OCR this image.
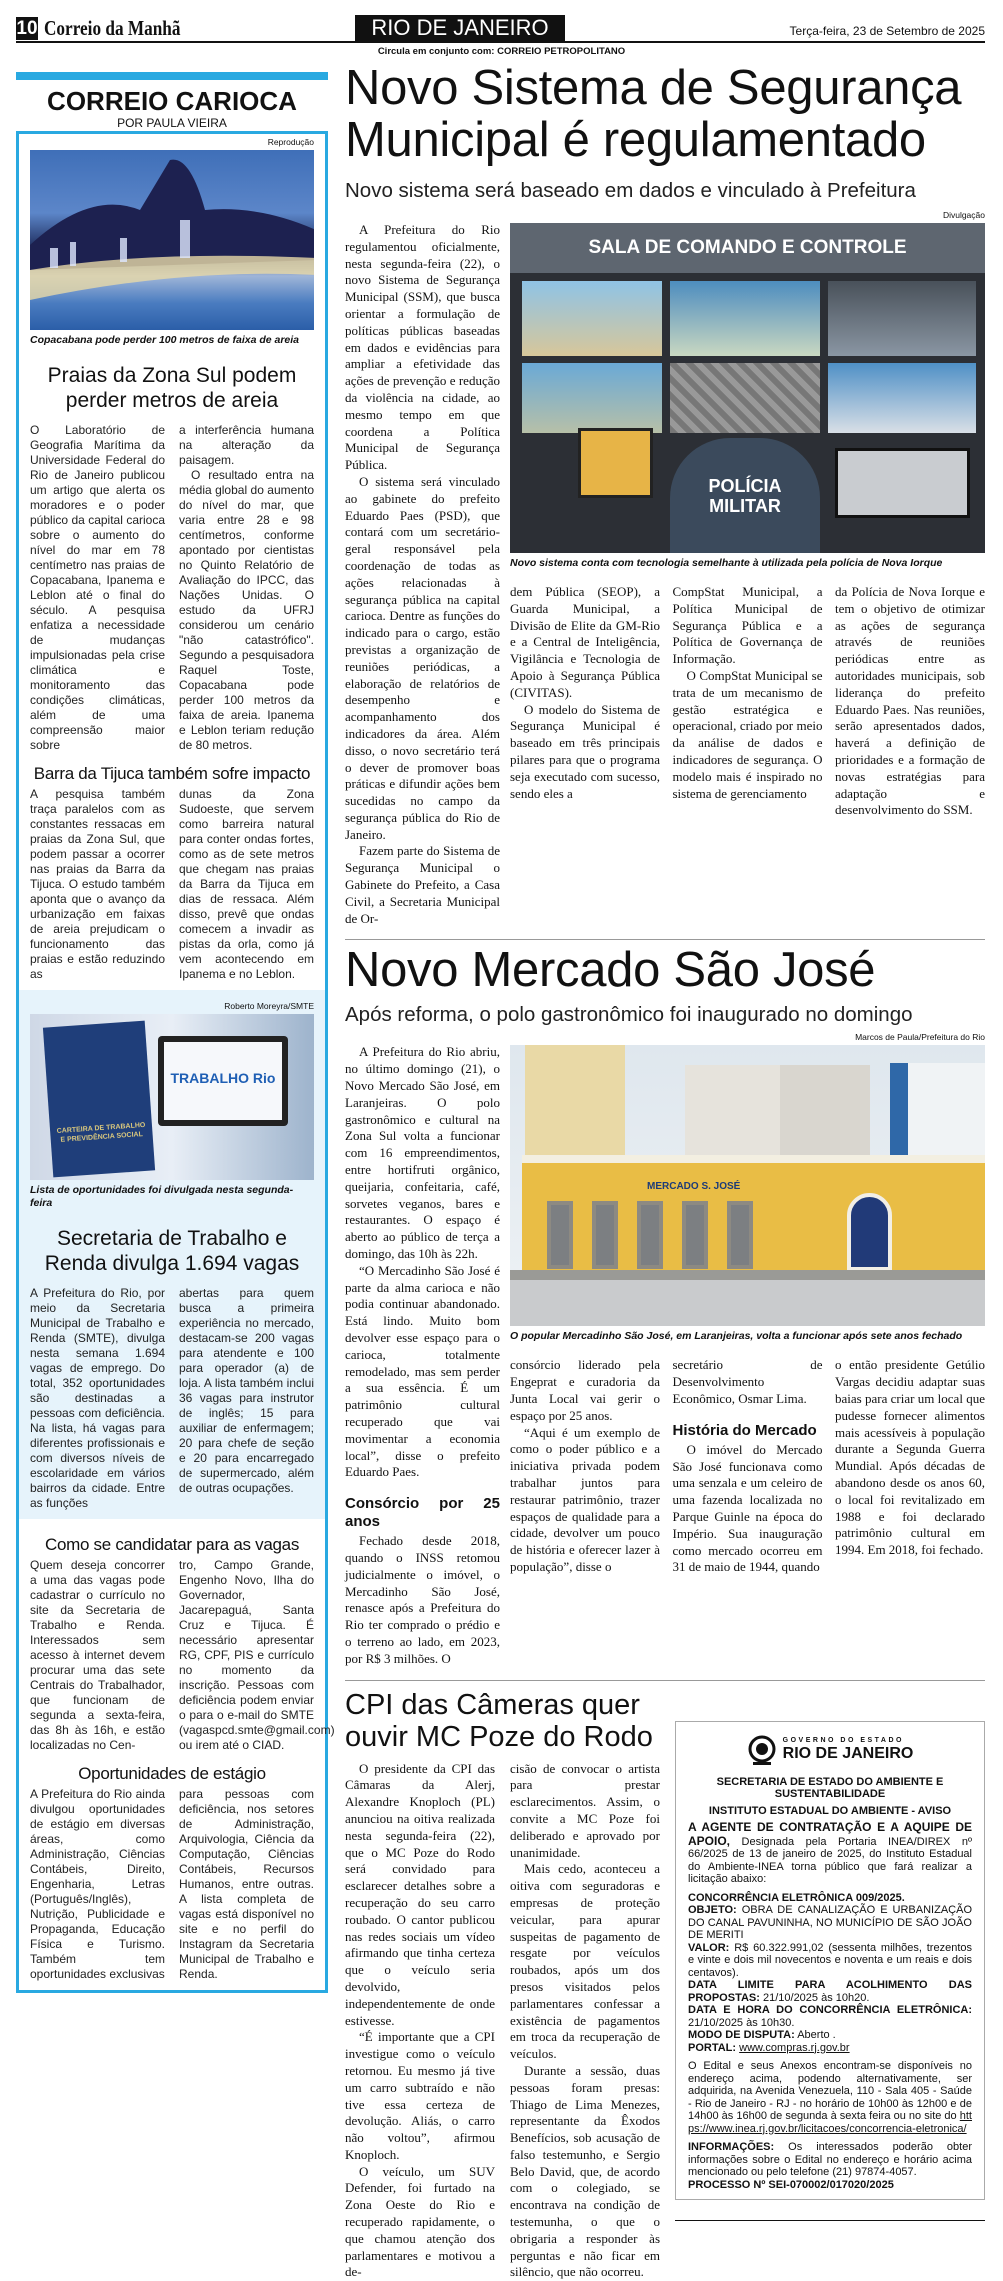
10 Correio da Manhã	RIO DE JANEIRO	Terça-feira, 23 de Setembro de 2025
Circula em conjunto com: CORREIO PETROPOLITANO
CORREIO CARIOCA
POR PAULA VIEIRA
Reprodução
Copacabana pode perder 100 metros de faixa de areia
Praias da Zona Sul podem perder metros de areia

O Laboratório de Geografia Marítima da Universidade Federal do Rio de Janeiro publicou um artigo que alerta os moradores e o poder público da capital carioca sobre o aumento do nível do mar em 78 centímetro nas praias de Copacabana, Ipanema e Leblon até o final do século. A pesquisa enfatiza a necessidade de mudanças impulsionadas pela crise climática e monitoramento das condições climáticas, além de uma compreensão maior sobre

a interferência humana na alteração da paisagem.

O resultado entra na média global do aumento do nível do mar, que varia entre 28 e 98 centímetros, conforme apontado por cientistas no Quinto Relatório de Avaliação do IPCC, das Nações Unidas. O estudo da UFRJ considerou um cenário "não catastrófico". Segundo a pesquisadora Raquel Toste, Copacabana pode perder 100 metros da faixa de areia. Ipanema e Leblon teriam redução de 80 metros.

Barra da Tijuca também sofre impacto

A pesquisa também traça paralelos com as constantes ressacas em praias da Zona Sul, que podem passar a ocorrer nas praias da Barra da Tijuca. O estudo também aponta que o avanço da urbanização em faixas de areia prejudicam o funcionamento das praias e estão reduzindo as

dunas da Zona Sudoeste, que servem como barreira natural para conter ondas fortes, como as de sete metros que chegam nas praias da Barra da Tijuca em dias de ressaca. Além disso, prevê que ondas comecem a invadir as pistas da orla, como já vem acontecendo em Ipanema e no Leblon.

Roberto Moreyra/SMTE
CARTEIRA DE TRABALHO E PREVIDÊNCIA SOCIAL
TRABALHO Rio
Lista de oportunidades foi divulgada nesta segunda-feira
Secretaria de Trabalho e Renda divulga 1.694 vagas

A Prefeitura do Rio, por meio da Secretaria Municipal de Trabalho e Renda (SMTE), divulga nesta semana 1.694 vagas de emprego. Do total, 352 oportunidades são destinadas a pessoas com deficiência. Na lista, há vagas para diferentes profissionais e com diversos níveis de escolaridade em vários bairros da cidade. Entre as funções

abertas para quem busca a primeira experiência no mercado, destacam-se 200 vagas para atendente e 100 para operador (a) de loja. A lista também inclui 36 vagas para instrutor de inglês; 15 para auxiliar de enfermagem; 20 para chefe de seção e 20 para encarregado de supermercado, além de outras ocupações.

Como se candidatar para as vagas

Quem deseja concorrer a uma das vagas pode cadastrar o currículo no site da Secretaria de Trabalho e Renda. Interessados sem acesso à internet devem procurar uma das sete Centrais do Trabalhador, que funcionam de segunda a sexta-feira, das 8h às 16h, e estão localizadas no Cen-

tro, Campo Grande, Engenho Novo, Ilha do Governador, Jacarepaguá, Santa Cruz e Tijuca. É necessário apresentar RG, CPF, PIS e currículo no momento da inscrição. Pessoas com deficiência podem enviar o para o e-mail do SMTE (vagaspcd.smte@gmail.com) ou irem até o CIAD.

Oportunidades de estágio

A Prefeitura do Rio ainda divulgou oportunidades de estágio em diversas áreas, como Administração, Ciências Contábeis, Direito, Engenharia, Letras (Português/Inglês), Nutrição, Publicidade e Propaganda, Educação Física e Turismo. Também tem oportunidades exclusivas

para pessoas com deficiência, nos setores de Administração, Arquivologia, Ciência da Computação, Ciências Contábeis, Recursos Humanos, entre outras. A lista completa de vagas está disponível no site e no perfil do Instagram da Secretaria Municipal de Trabalho e Renda.

Novo Sistema de Segurança
Municipal é regulamentado
Novo sistema será baseado em dados e vinculado à Prefeitura

A Prefeitura do Rio regulamentou oficialmente, nesta segunda-feira (22), o novo Sistema de Segurança Municipal (SSM), que busca orientar a formulação de políticas públicas baseadas em dados e evidências para ampliar a efetividade das ações de prevenção e redução da violência na cidade, ao mesmo tempo em que coordena a Política Municipal de Segurança Pública.

O sistema será vinculado ao gabinete do prefeito Eduardo Paes (PSD), que contará com um secretário-geral responsável pela coordenação de todas as ações relacionadas à segurança pública na capital carioca. Dentre as funções do indicado para o cargo, estão previstas a organização de reuniões periódicas, a elaboração de relatórios de desempenho e acompanhamento dos indicadores da área. Além disso, o novo secretário terá o dever de promover boas práticas e difundir ações bem sucedidas no campo da segurança pública do Rio de Janeiro.

Fazem parte do Sistema de Segurança Municipal o Gabinete do Prefeito, a Casa Civil, a Secretaria Municipal de Or-

Divulgação
SALA DE COMANDO E CONTROLE
POLÍCIA MILITAR
Novo sistema conta com tecnologia semelhante à utilizada pela polícia de Nova Iorque

dem Pública (SEOP), a Guarda Municipal, a Divisão de Elite da GM-Rio e a Central de Inteligência, Vigilância e Tecnologia de Apoio à Segurança Pública (CIVITAS).

O modelo do Sistema de Segurança Municipal é baseado em três principais pilares para que o programa seja executado com sucesso, sendo eles a

CompStat Municipal, a Política Municipal de Segurança Pública e a Política de Governança de Informação.

O CompStat Municipal se trata de um mecanismo de gestão estratégica e operacional, criado por meio da análise de dados e indicadores de segurança. O modelo mais é inspirado no sistema de gerenciamento

da Polícia de Nova Iorque e tem o objetivo de otimizar as ações de segurança através de reuniões periódicas entre as autoridades municipais, sob liderança do prefeito Eduardo Paes. Nas reuniões, serão apresentados dados, haverá a definição de prioridades e a formação de novas estratégias para adaptação e desenvolvimento do SSM.

Novo Mercado São José
Após reforma, o polo gastronômico foi inaugurado no domingo

A Prefeitura do Rio abriu, no último domingo (21), o Novo Mercado São José, em Laranjeiras. O polo gastronômico e cultural na Zona Sul volta a funcionar com 16 empreendimentos, entre hortifruti orgânico, queijaria, confeitaria, café, sorvetes veganos, bares e restaurantes. O espaço é aberto ao público de terça a domingo, das 10h às 22h.

“O Mercadinho São José é parte da alma carioca e não podia continuar abandonado. Está lindo. Muito bom devolver esse espaço para o carioca, totalmente remodelado, mas sem perder a sua essência. É um patrimônio cultural recuperado que vai movimentar a economia local”, disse o prefeito Eduardo Paes.

Consórcio por 25 anos

Fechado desde 2018, quando o INSS retomou judicialmente o imóvel, o Mercadinho São José, renasce após a Prefeitura do Rio ter comprado o prédio e o terreno ao lado, em 2023, por R$ 3 milhões. O

Marcos de Paula/Prefeitura do Rio
MERCADO S. JOSÉ
O popular Mercadinho São José, em Laranjeiras, volta a funcionar após sete anos fechado

consórcio liderado pela Engeprat e curadoria da Junta Local vai gerir o espaço por 25 anos.

“Aqui é um exemplo de como o poder público e a iniciativa privada podem trabalhar juntos para restaurar patrimônio, trazer espaços de qualidade para a cidade, devolver um pouco de história e oferecer lazer à população”, disse o

secretário de Desenvolvimento Econômico, Osmar Lima.

História do Mercado

O imóvel do Mercado São José funcionava como uma senzala e um celeiro de uma fazenda localizada no Parque Guinle na época do Império. Sua inauguração como mercado ocorreu em 31 de maio de 1944, quando

o então presidente Getúlio Vargas decidiu adaptar suas baias para criar um local que pudesse fornecer alimentos mais acessíveis à população durante a Segunda Guerra Mundial. Após décadas de abandono desde os anos 60, o local foi revitalizado em 1988 e foi declarado patrimônio cultural em 1994. Em 2018, foi fechado.

CPI das Câmeras quer
ouvir MC Poze do Rodo

O presidente da CPI das Câmaras da Alerj, Alexandre Knoploch (PL) anunciou na oitiva realizada nesta segunda-feira (22), que o MC Poze do Rodo será convidado para esclarecer detalhes sobre a recuperação do seu carro roubado. O cantor publicou nas redes sociais um vídeo afirmando que tinha certeza que o veículo seria devolvido, independentemente de onde estivesse.

“É importante que a CPI investigue como o veículo retornou. Eu mesmo já tive um carro subtraído e não tive essa certeza de devolução. Aliás, o carro não voltou”, afirmou Knoploch.

O veículo, um SUV Defender, foi furtado na Zona Oeste do Rio e recuperado rapidamente, o que chamou atenção dos parlamentares e motivou a de-

cisão de convocar o artista para prestar esclarecimentos. Assim, o convite a MC Poze foi deliberado e aprovado por unanimidade.

Mais cedo, aconteceu a oitiva com seguradoras e empresas de proteção veicular, para apurar suspeitas de pagamento de resgate por veículos roubados, após um dos presos visitados pelos parlamentares confessar a existência de pagamentos em troca da recuperação de veículos.

Durante a sessão, duas pessoas foram presas: Thiago de Lima Menezes, representante da Êxodos Benefícios, sob acusação de falso testemunho, e Sergio Belo David, que, de acordo com o colegiado, se encontrava na condição de testemunha, o que o obrigaria a responder às perguntas e não ficar em silêncio, que não ocorreu.

GOVERNO DO ESTADO
RIO DE JANEIRO
SECRETARIA DE ESTADO DO AMBIENTE E SUSTENTABILIDADE
INSTITUTO ESTADUAL DO AMBIENTE - AVISO
A AGENTE DE CONTRATAÇÃO E A AQUIPE DE APOIO, Designada pela Portaria INEA/DIREX nº 66/2025 de 13 de janeiro de 2025, do Instituto Estadual do Ambiente-INEA torna público que fará realizar a licitação abaixo:

CONCORRÊNCIA ELETRÔNICA 009/2025.
OBJETO: OBRA DE CANALIZAÇÃO E URBANIZAÇÃO DO CANAL PAVUNINHA, NO MUNICÍPIO DE SÃO JOÃO DE MERITI
VALOR: R$ 60.322.991,02 (sessenta milhões, trezentos e vinte e dois mil novecentos e noventa e um reais e dois centavos).
DATA LIMITE PARA ACOLHIMENTO DAS PROPOSTAS: 21/10/2025 às 10h20.
DATA E HORA DO CONCORRÊNCIA ELETRÔNICA: 21/10/2025 às 10h30.
MODO DE DISPUTA: Aberto .
PORTAL: www.compras.rj.gov.br

O Edital e seus Anexos encontram-se disponíveis no endereço acima, podendo alternativamente, ser adquirida, na Avenida Venezuela, 110 - Sala 405 - Saúde - Rio de Janeiro - RJ - no horário de 10h00 às 12h00 e de 14h00 às 16h00 de segunda à sexta feira ou no site do https://www.inea.rj.gov.br/licitacoes/concorrencia-eletronica/

INFORMAÇÕES: Os interessados poderão obter informações sobre o Edital no endereço e horário acima mencionado ou pelo telefone (21) 97874-4057.
PROCESSO Nº SEI-070002/017020/2025
